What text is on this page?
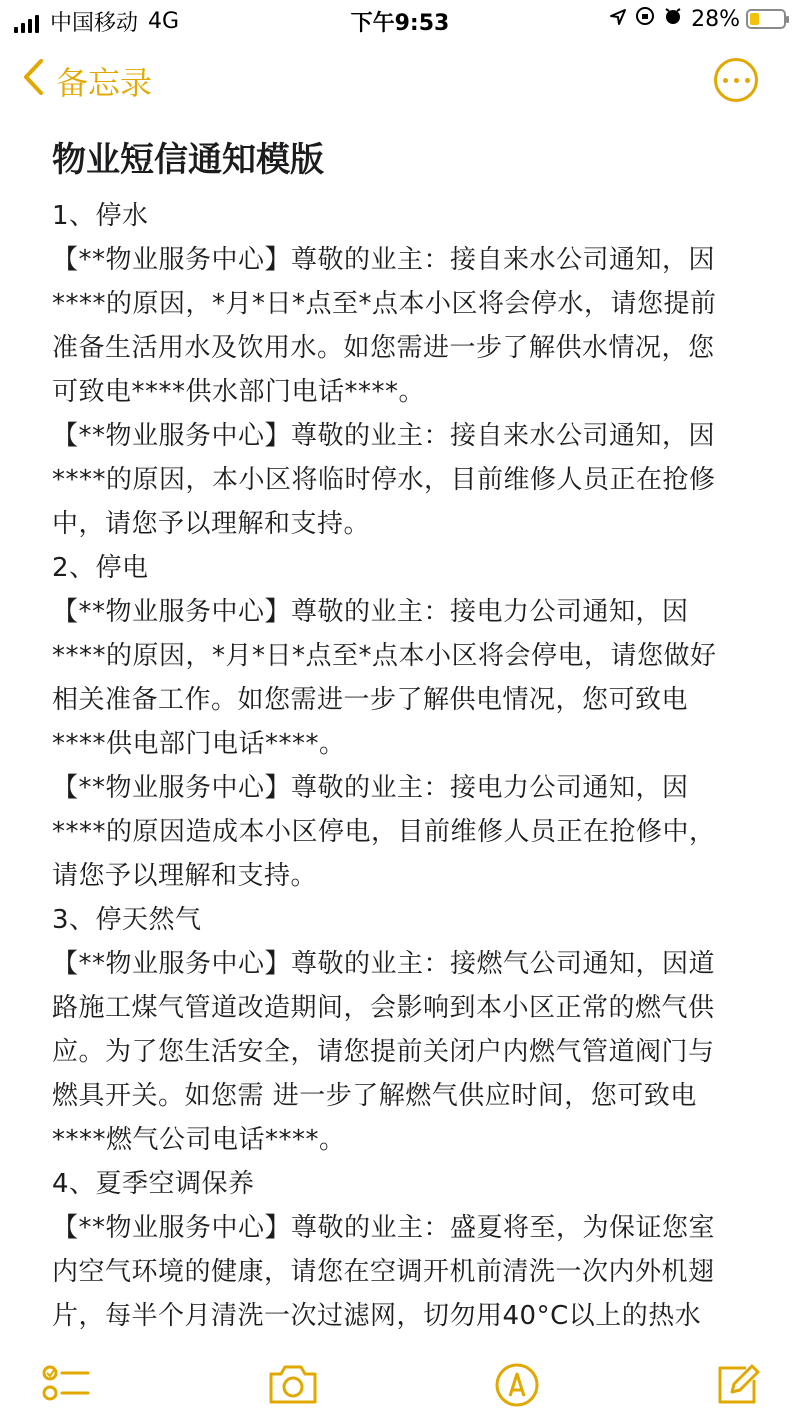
中国移动 4G	下午9:53	28%
备忘录
物业短信通知模版

1、停水

【**物业服务中心】尊敬的业主：接自来水公司通知，因

****的原因，*月*日*点至*点本小区将会停水，请您提前

准备生活用水及饮用水。如您需进一步了解供水情况，您

可致电****供水部门电话****。

【**物业服务中心】尊敬的业主：接自来水公司通知，因

****的原因，本小区将临时停水，目前维修人员正在抢修

中，请您予以理解和支持。

2、停电

【**物业服务中心】尊敬的业主：接电力公司通知，因

****的原因，*月*日*点至*点本小区将会停电，请您做好

相关准备工作。如您需进一步了解供电情况，您可致电

****供电部门电话****。

【**物业服务中心】尊敬的业主：接电力公司通知，因

****的原因造成本小区停电，目前维修人员正在抢修中，

请您予以理解和支持。

3、停天然气

【**物业服务中心】尊敬的业主：接燃气公司通知，因道

路施工煤气管道改造期间，会影响到本小区正常的燃气供

应。为了您生活安全，请您提前关闭户内燃气管道阀门与

燃具开关。如您需 进一步了解燃气供应时间，您可致电

****燃气公司电话****。

4、夏季空调保养

【**物业服务中心】尊敬的业主：盛夏将至，为保证您室

内空气环境的健康，请您在空调开机前清洗一次内外机翅

片，每半个月清洗一次过滤网，切勿用40°C以上的热水
